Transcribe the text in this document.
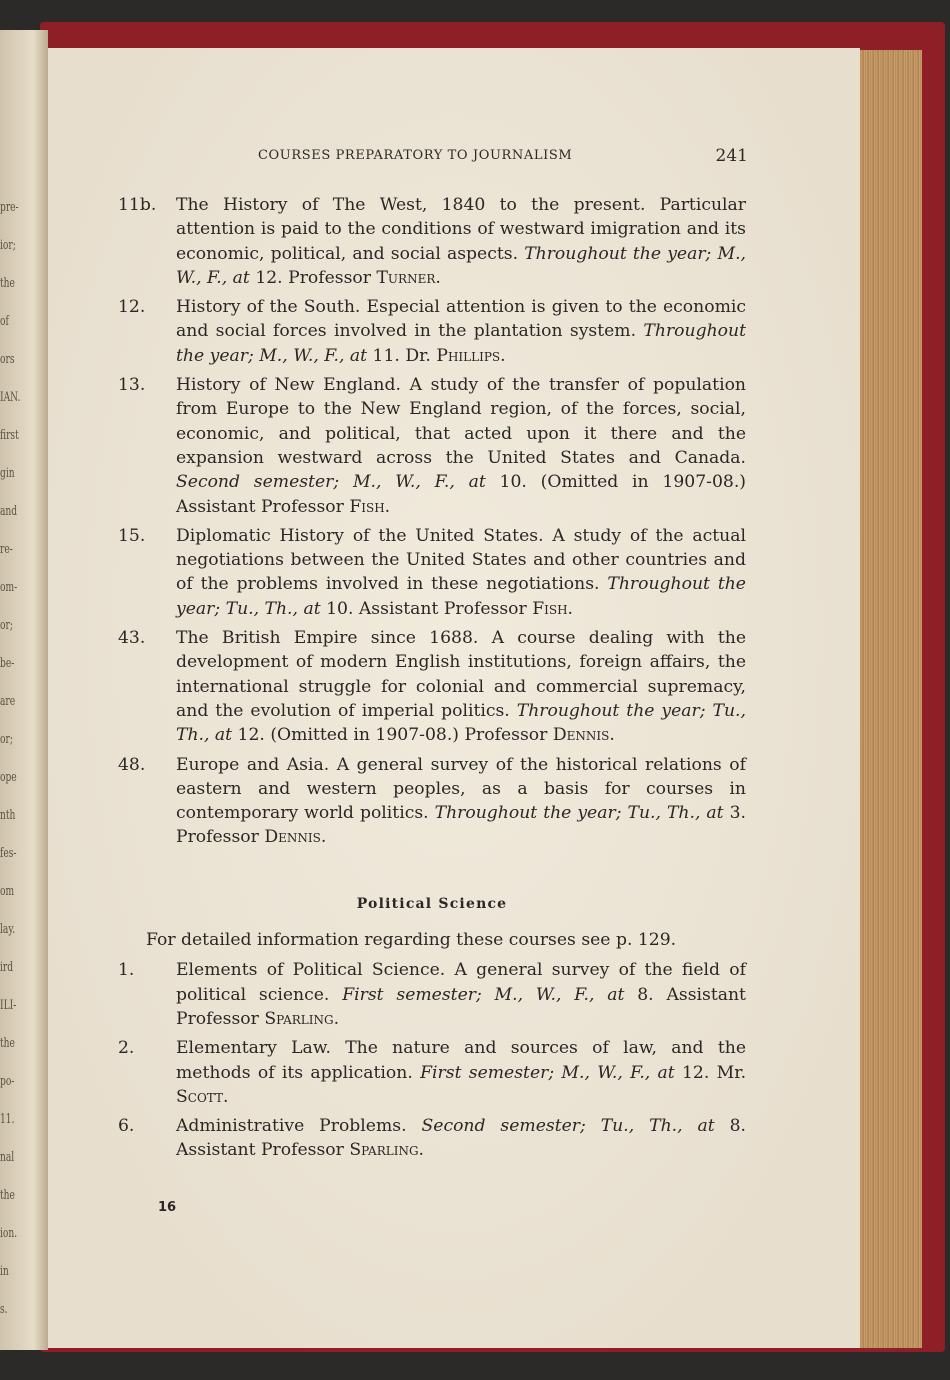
pre-
ior;
the
of
ors
IAN.
first
gin
and
re-
om-
or;
be-
are
or;
ope
nth
fes-
om
lay.
ird
ILI-
the
po-
11.
nal
the
ion.
in
s.
COURSES PREPARATORY TO JOURNALISM	241
11b.	The History of The West, 1840 to the present. Particular attention is paid to the conditions of westward imigration and its economic, political, and social aspects. Throughout the year; M., W., F., at 12. Professor Turner.
12.	History of the South. Especial attention is given to the economic and social forces involved in the plantation system. Throughout the year; M., W., F., at 11. Dr. Phillips.
13.	History of New England. A study of the transfer of population from Europe to the New England region, of the forces, social, economic, and political, that acted upon it there and the expansion westward across the United States and Canada. Second semester; M., W., F., at 10. (Omitted in 1907-08.) Assistant Professor Fish.
15.	Diplomatic History of the United States. A study of the actual negotiations between the United States and other countries and of the problems involved in these negotiations. Throughout the year; Tu., Th., at 10. Assistant Professor Fish.
43.	The British Empire since 1688. A course dealing with the development of modern English institutions, foreign affairs, the international struggle for colonial and commercial supremacy, and the evolution of imperial politics. Throughout the year; Tu., Th., at 12. (Omitted in 1907-08.) Professor Dennis.
48.	Europe and Asia. A general survey of the historical relations of eastern and western peoples, as a basis for courses in contemporary world politics. Throughout the year; Tu., Th., at 3. Professor Dennis.
Political Science
For detailed information regarding these courses see p. 129.
1.	Elements of Political Science. A general survey of the field of political science. First semester; M., W., F., at 8. Assistant Professor Sparling.
2.	Elementary Law. The nature and sources of law, and the methods of its application. First semester; M., W., F., at 12. Mr. Scott.
6.	Administrative Problems. Second semester; Tu., Th., at 8. Assistant Professor Sparling.
16
